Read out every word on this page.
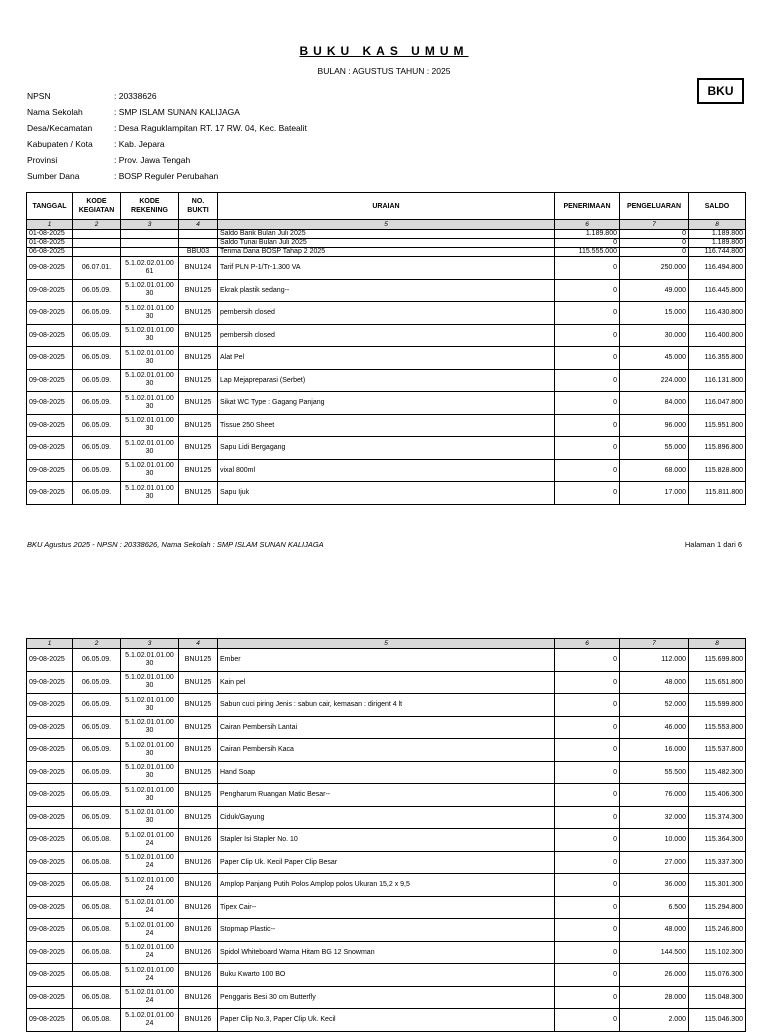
BUKU KAS UMUM
BULAN : AGUSTUS TAHUN : 2025
BKU
NPSN	: 20338626
Nama Sekolah	: SMP ISLAM SUNAN KALIJAGA
Desa/Kecamatan	: Desa Raguklampitan RT. 17 RW. 04, Kec. Batealit
Kabupaten / Kota	: Kab. Jepara
Provinsi	: Prov. Jawa Tengah
Sumber Dana	: BOSP Reguler Perubahan
TANGGAL	KODE KEGIATAN	KODE REKENING	NO. BUKTI	URAIAN	PENERIMAAN	PENGELUARAN	SALDO
1	2	3	4	5	6	7	8
01-08-2025				Saldo Bank Bulan Juli 2025	1.189.800	0	1.189.800
01-08-2025				Saldo Tunai Bulan Juli 2025	0	0	1.189.800
06-08-2025			BBU03	Terima Dana BOSP Tahap 2 2025	115.555.000	0	116.744.800
09-08-2025	06.07.01.	5.1.02.02.01.00 61	BNU124	Tarif PLN P-1/Tr-1.300 VA	0	250.000	116.494.800
09-08-2025	06.05.09.	5.1.02.01.01.00 30	BNU125	Ekrak plastik sedang--	0	49.000	116.445.800
09-08-2025	06.05.09.	5.1.02.01.01.00 30	BNU125	pembersih closed	0	15.000	116.430.800
09-08-2025	06.05.09.	5.1.02.01.01.00 30	BNU125	pembersih closed	0	30.000	116.400.800
09-08-2025	06.05.09.	5.1.02.01.01.00 30	BNU125	Alat Pel	0	45.000	116.355.800
09-08-2025	06.05.09.	5.1.02.01.01.00 30	BNU125	Lap Mejapreparasi (Serbet)	0	224.000	116.131.800
09-08-2025	06.05.09.	5.1.02.01.01.00 30	BNU125	Sikat WC Type : Gagang Panjang	0	84.000	116.047.800
09-08-2025	06.05.09.	5.1.02.01.01.00 30	BNU125	Tissue 250 Sheet	0	96.000	115.951.800
09-08-2025	06.05.09.	5.1.02.01.01.00 30	BNU125	Sapu Lidi Bergagang	0	55.000	115.896.800
09-08-2025	06.05.09.	5.1.02.01.01.00 30	BNU125	vixal 800ml	0	68.000	115.828.800
09-08-2025	06.05.09.	5.1.02.01.01.00 30	BNU125	Sapu Ijuk	0	17.000	115.811.800
BKU Agustus 2025 - NPSN : 20338626, Nama Sekolah : SMP ISLAM SUNAN KALIJAGA	Halaman 1 dari 6
1	2	3	4	5	6	7	8
09-08-2025	06.05.09.	5.1.02.01.01.00 30	BNU125	Ember	0	112.000	115.699.800
09-08-2025	06.05.09.	5.1.02.01.01.00 30	BNU125	Kain pel	0	48.000	115.651.800
09-08-2025	06.05.09.	5.1.02.01.01.00 30	BNU125	Sabun cuci piring Jenis : sabun cair, kemasan : dirigent 4 lt	0	52.000	115.599.800
09-08-2025	06.05.09.	5.1.02.01.01.00 30	BNU125	Cairan Pembersih Lantai	0	46.000	115.553.800
09-08-2025	06.05.09.	5.1.02.01.01.00 30	BNU125	Cairan Pembersih Kaca	0	16.000	115.537.800
09-08-2025	06.05.09.	5.1.02.01.01.00 30	BNU125	Hand Soap	0	55.500	115.482.300
09-08-2025	06.05.09.	5.1.02.01.01.00 30	BNU125	Pengharum Ruangan Matic Besar--	0	76.000	115.406.300
09-08-2025	06.05.09.	5.1.02.01.01.00 30	BNU125	Ciduk/Gayung	0	32.000	115.374.300
09-08-2025	06.05.08.	5.1.02.01.01.00 24	BNU126	Stapler Isi Stapler No. 10	0	10.000	115.364.300
09-08-2025	06.05.08.	5.1.02.01.01.00 24	BNU126	Paper Clip Uk. Kecil Paper Clip Besar	0	27.000	115.337.300
09-08-2025	06.05.08.	5.1.02.01.01.00 24	BNU126	Amplop Panjang Putih Polos Amplop polos Ukuran 15,2 x 9,5	0	36.000	115.301.300
09-08-2025	06.05.08.	5.1.02.01.01.00 24	BNU126	Tipex Cair--	0	6.500	115.294.800
09-08-2025	06.05.08.	5.1.02.01.01.00 24	BNU126	Stopmap Plastic--	0	48.000	115.246.800
09-08-2025	06.05.08.	5.1.02.01.01.00 24	BNU126	Spidol Whiteboard Warna Hitam BG 12 Snowman	0	144.500	115.102.300
09-08-2025	06.05.08.	5.1.02.01.01.00 24	BNU126	Buku Kwarto 100 BO	0	26.000	115.076.300
09-08-2025	06.05.08.	5.1.02.01.01.00 24	BNU126	Penggaris Besi 30 cm Butterfly	0	28.000	115.048.300
09-08-2025	06.05.08.	5.1.02.01.01.00 24	BNU126	Paper Clip No.3, Paper Clip Uk. Kecil	0	2.000	115.046.300
